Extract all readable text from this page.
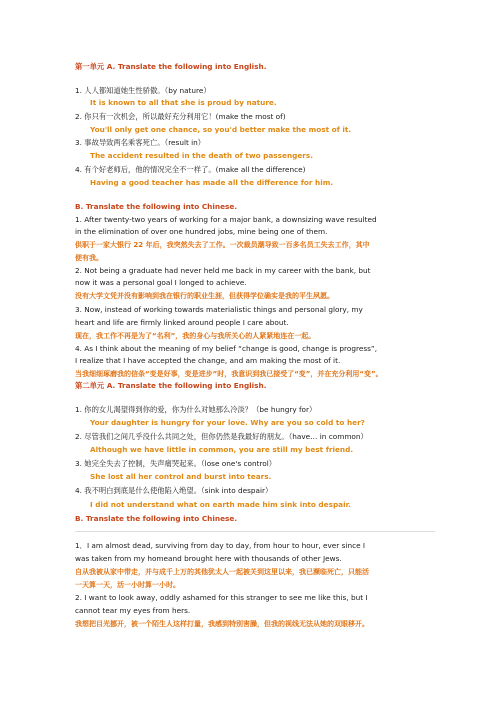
第一单元 A. Translate the following into English.
1. 人人都知道她生性骄傲。（by nature）
It is known to all that she is proud by nature.
2. 你只有一次机会，所以最好充分利用它！(make the most of)
You'll only get one chance, so you'd better make the most of it.
3. 事故导致两名乘客死亡。（result in）
The accident resulted in the death of two passengers.
4. 有个好老师后，他的情况完全不一样了。(make all the difference)
Having a good teacher has made all the difference for him.
B. Translate the following into Chinese.
1. After twenty-two years of working for a major bank, a downsizing wave resulted
in the elimination of over one hundred jobs, mine being one of them.
供职于一家大银行 22 年后，我突然失去了工作。一次裁员潮导致一百多名员工失去工作，其中
便有我。
2. Not being a graduate had never held me back in my career with the bank, but
now it was a personal goal I longed to achieve.
没有大学文凭并没有影响到我在银行的职业生涯，但获得学位确实是我的平生夙愿。
3. Now, instead of working towards materialistic things and personal glory, my
heart and life are firmly linked around people I care about.
现在，我工作不再是为了“名利”，我的身心与我所关心的人紧紧地连在一起。
4. As I think about the meaning of my belief “change is good, change is progress”,
I realize that I have accepted the change, and am making the most of it.
当我细细琢磨我的信条“变是好事，变是进步”时，我意识到我已接受了“变”，并在充分利用“变”。
第二单元 A. Translate the following into English.
1. 你的女儿渴望得到你的爱，你为什么对她那么冷淡？（be hungry for）
Your daughter is hungry for your love. Why are you so cold to her?
2. 尽管我们之间几乎没什么共同之处，但你仍然是我最好的朋友。（have… in common）
Although we have little in common, you are still my best friend.
3. 她完全失去了控制，失声痛哭起来。（lose one's control）
She lost all her control and burst into tears.
4. 我不明白到底是什么使他陷入绝望。（sink into despair）
I did not understand what on earth made him sink into despair.
B. Translate the following into Chinese.
1．I am almost dead, surviving from day to day, from hour to hour, ever since I
was taken from my homeand brought here with thousands of other Jews.
自从我被从家中带走，并与成千上万的其他犹太人一起被关到这里以来，我已濒临死亡，只能活
一天算一天，活一小时算一小时。
2. I want to look away, oddly ashamed for this stranger to see me like this, but I
cannot tear my eyes from hers.
我想把目光挪开，被一个陌生人这样打量，我感到特别害臊，但我的视线无法从她的双眼移开。
